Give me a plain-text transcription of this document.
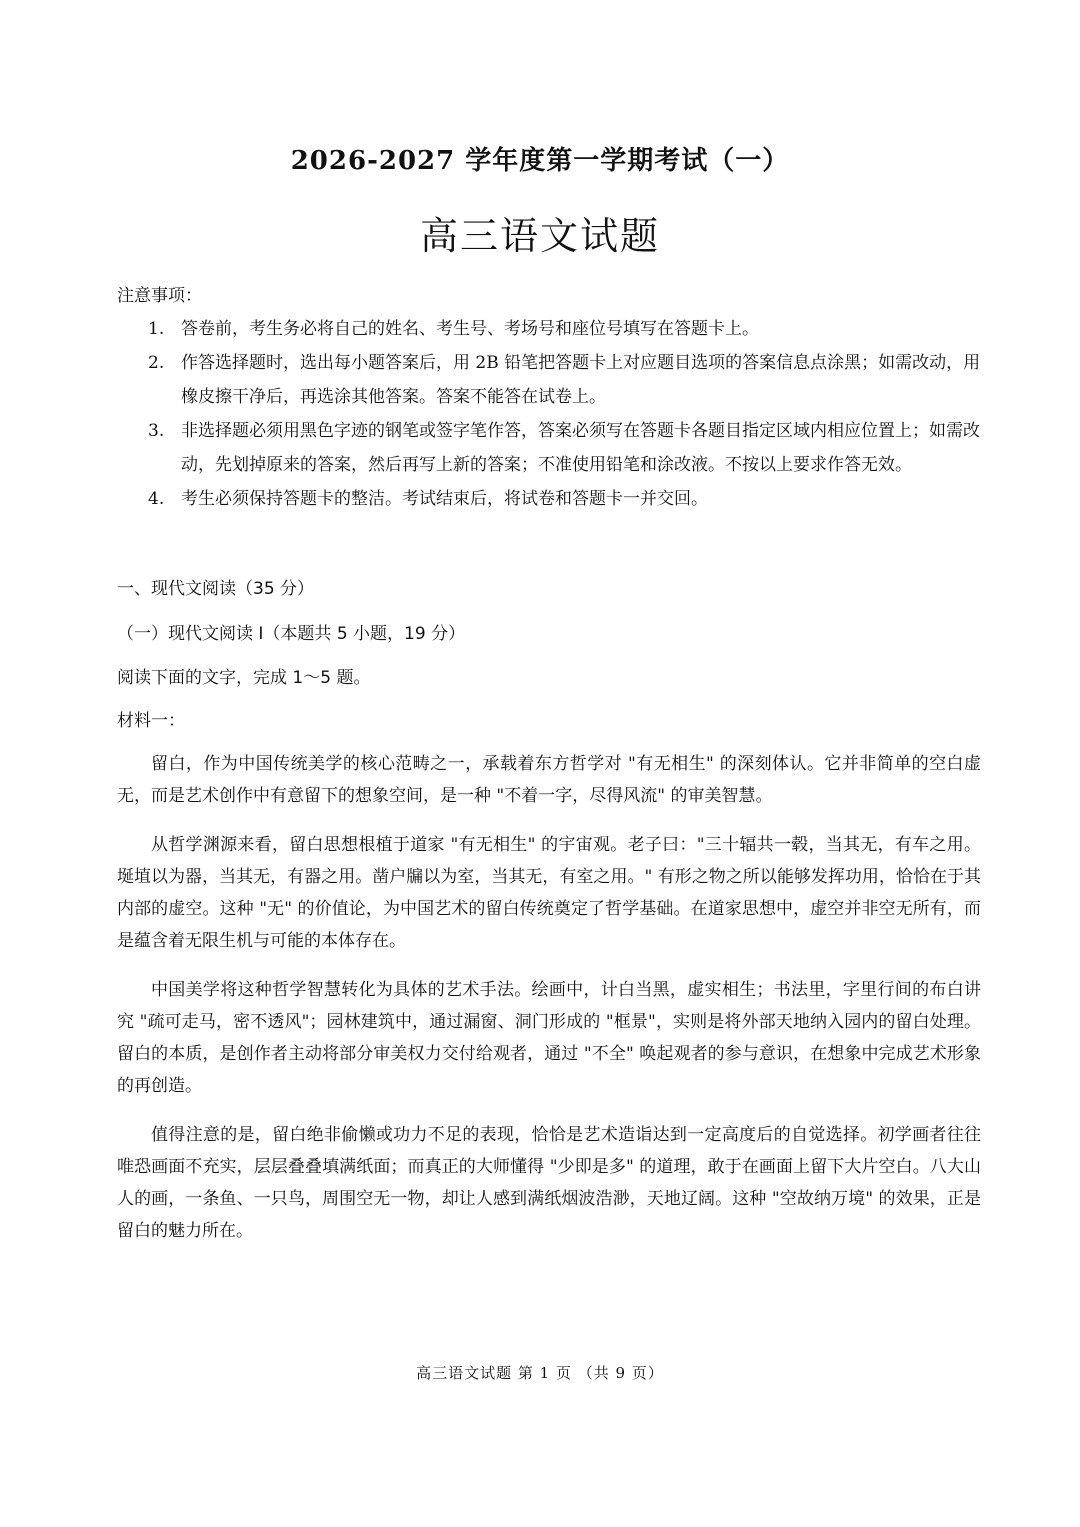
2026-2027 学年度第一学期考试（一）
高三语文试题
注意事项：
1. 答卷前，考生务必将自己的姓名、考生号、考场号和座位号填写在答题卡上。
2. 作答选择题时，选出每小题答案后，用 2B 铅笔把答题卡上对应题目选项的答案信息点涂黑；如需改动，用橡皮擦干净后，再选涂其他答案。答案不能答在试卷上。
3. 非选择题必须用黑色字迹的钢笔或签字笔作答，答案必须写在答题卡各题目指定区域内相应位置上；如需改动，先划掉原来的答案，然后再写上新的答案；不准使用铅笔和涂改液。不按以上要求作答无效。
4. 考生必须保持答题卡的整洁。考试结束后，将试卷和答题卡一并交回。
一、现代文阅读（35 分）
（一）现代文阅读 Ⅰ（本题共 5 小题，19 分）
阅读下面的文字，完成 1～5 题。
材料一：

留白，作为中国传统美学的核心范畴之一，承载着东方哲学对 "有无相生" 的深刻体认。它并非简单的空白虚无，而是艺术创作中有意留下的想象空间，是一种 "不着一字，尽得风流" 的审美智慧。

从哲学渊源来看，留白思想根植于道家 "有无相生" 的宇宙观。老子曰："三十辐共一毂，当其无，有车之用。埏埴以为器，当其无，有器之用。凿户牖以为室，当其无，有室之用。" 有形之物之所以能够发挥功用，恰恰在于其内部的虚空。这种 "无" 的价值论，为中国艺术的留白传统奠定了哲学基础。在道家思想中，虚空并非空无所有，而是蕴含着无限生机与可能的本体存在。

中国美学将这种哲学智慧转化为具体的艺术手法。绘画中，计白当黑，虚实相生；书法里，字里行间的布白讲究 "疏可走马，密不透风"；园林建筑中，通过漏窗、洞门形成的 "框景"，实则是将外部天地纳入园内的留白处理。留白的本质，是创作者主动将部分审美权力交付给观者，通过 "不全" 唤起观者的参与意识，在想象中完成艺术形象的再创造。

值得注意的是，留白绝非偷懒或功力不足的表现，恰恰是艺术造诣达到一定高度后的自觉选择。初学画者往往唯恐画面不充实，层层叠叠填满纸面；而真正的大师懂得 "少即是多" 的道理，敢于在画面上留下大片空白。八大山人的画，一条鱼、一只鸟，周围空无一物，却让人感到满纸烟波浩渺，天地辽阔。这种 "空故纳万境" 的效果，正是留白的魅力所在。

高三语文试题 第 1 页 （共 9 页）
